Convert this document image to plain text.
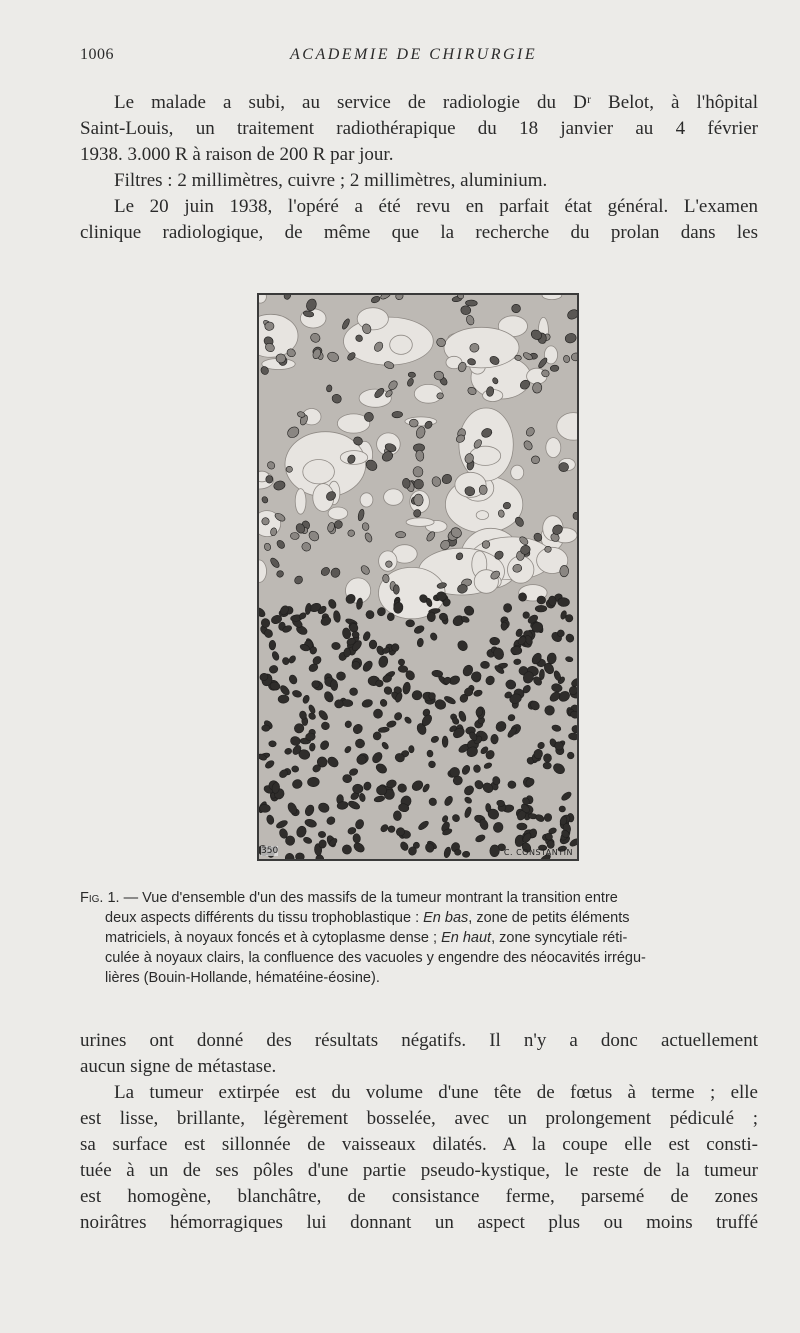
1006	ACADEMIE DE CHIRURGIE
Le malade a subi, au service de radiologie du Dʳ Belot, à l'hôpital
Saint-Louis, un traitement radiothérapique du 18 janvier au 4 février
1938. 3.000 R à raison de 200 R par jour.
Filtres : 2 millimètres, cuivre ; 2 millimètres, aluminium.
Le 20 juin 1938, l'opéré a été revu en parfait état général. L'examen
clinique radiologique, de même que la recherche du prolan dans les
350	C. CONSTANTIN
Fig. 1. — Vue d'ensemble d'un des massifs de la tumeur montrant la transition entre
deux aspects différents du tissu trophoblastique : En bas, zone de petits éléments
matriciels, à noyaux foncés et à cytoplasme dense ; En haut, zone syncytiale réti-
culée à noyaux clairs, la confluence des vacuoles y engendre des néocavités irrégu-
lières (Bouin-Hollande, hématéine-éosine).
urines ont donné des résultats négatifs. Il n'y a donc actuellement
aucun signe de métastase.
La tumeur extirpée est du volume d'une tête de fœtus à terme ; elle
est lisse, brillante, légèrement bosselée, avec un prolongement pédiculé ;
sa surface est sillonnée de vaisseaux dilatés. A la coupe elle est consti-
tuée à un de ses pôles d'une partie pseudo-kystique, le reste de la tumeur
est homogène, blanchâtre, de consistance ferme, parsemé de zones
noirâtres hémorragiques lui donnant un aspect plus ou moins truffé
